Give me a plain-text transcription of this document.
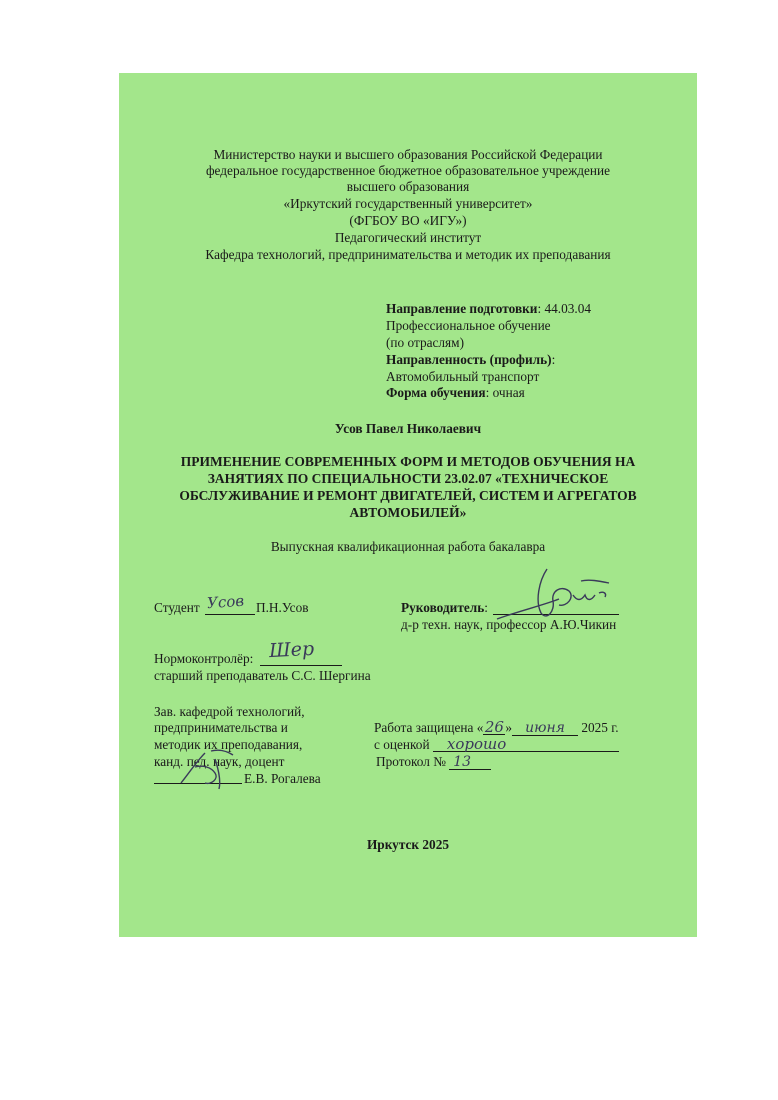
Министерство науки и высшего образования Российской Федерации
федеральное государственное бюджетное образовательное учреждение
высшего образования
«Иркутский государственный университет»
(ФГБОУ ВО «ИГУ»)
Педагогический институт
Кафедра технологий, предпринимательства и методик их преподавания
Направление подготовки: 44.03.04
Профессиональное обучение
(по отраслям)
Направленность (профиль):
Автомобильный транспорт
Форма обучения: очная
Усов Павел Николаевич
ПРИМЕНЕНИЕ СОВРЕМЕННЫХ ФОРМ И МЕТОДОВ ОБУЧЕНИЯ НА
ЗАНЯТИЯХ ПО СПЕЦИАЛЬНОСТИ 23.02.07 «ТЕХНИЧЕСКОЕ
ОБСЛУЖИВАНИЕ И РЕМОНТ ДВИГАТЕЛЕЙ, СИСТЕМ И АГРЕГАТОВ
АВТОМОБИЛЕЙ»
Выпускная квалификационная работа бакалавра
Студент	П.Н.Усов
Усов	Руководитель:
д-р техн. наук, профессор А.Ю.Чикин
Нормоконтролёр: Шер
старший преподаватель С.С. Шергина
Зав. кафедрой технологий,
предпринимательства и
методик их преподавания,
канд. пед. наук, доцент
Е.В. Рогалева
Работа защищена «26» июня 2025 г.
с оценкой хорошо
Протокол № 13
Иркутск 2025
